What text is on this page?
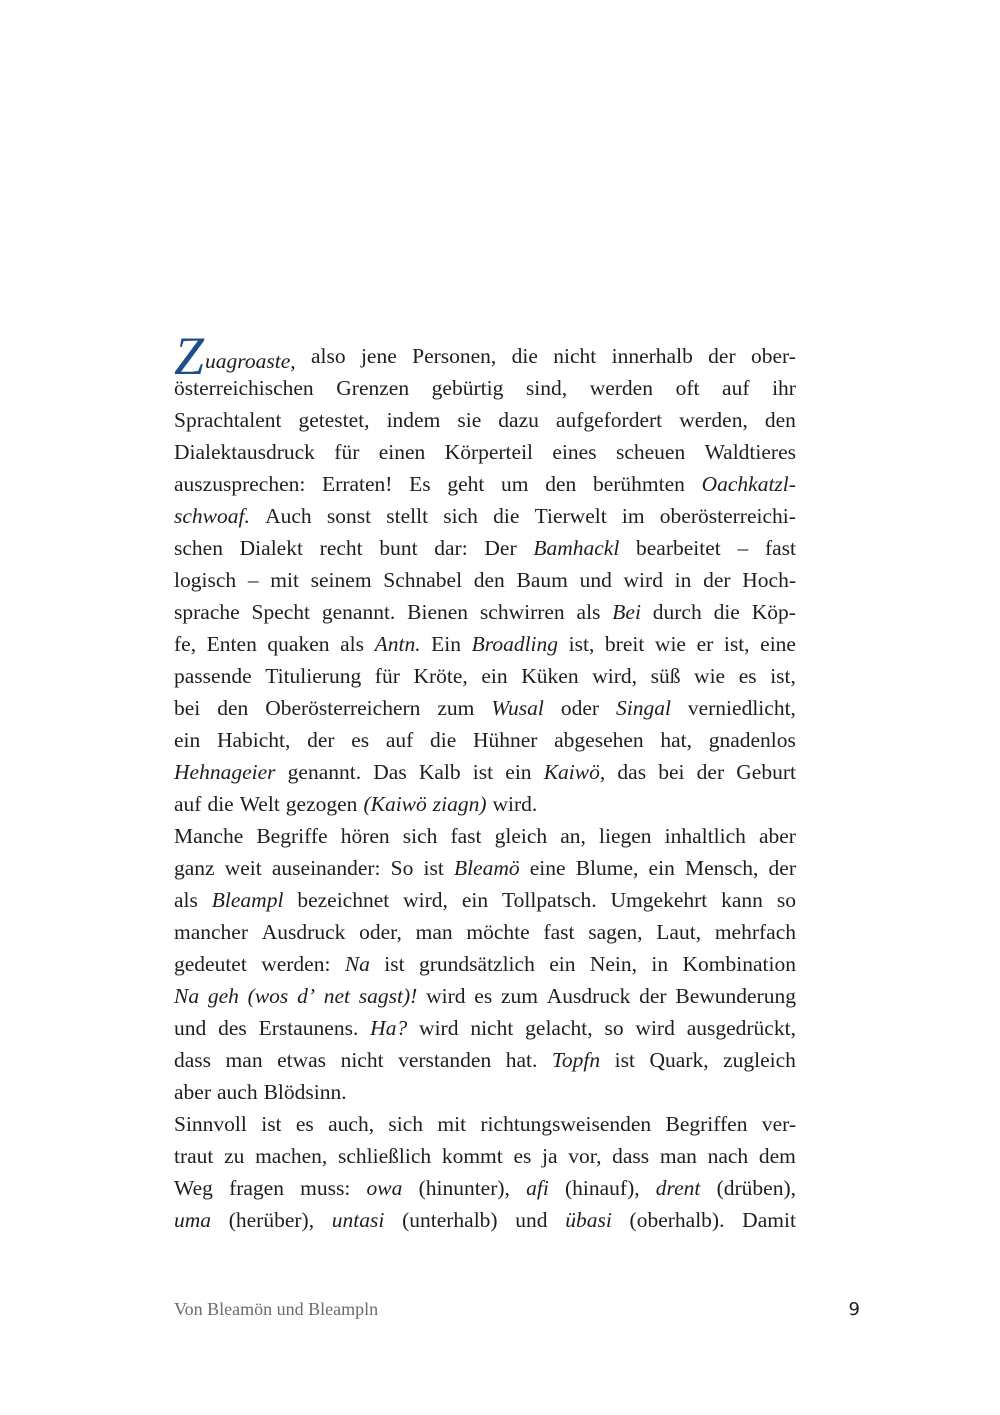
Zuagroaste, also jene Personen, die nicht innerhalb der ober-
österreichischen Grenzen gebürtig sind, werden oft auf ihr
Sprachtalent getestet, indem sie dazu aufgefordert werden, den
Dialektausdruck für einen Körperteil eines scheuen Waldtieres
auszusprechen: Erraten! Es geht um den berühmten Oachkatzl-
schwoaf. Auch sonst stellt sich die Tierwelt im oberösterreichi-
schen Dialekt recht bunt dar: Der Bamhackl bearbeitet – fast
logisch – mit seinem Schnabel den Baum und wird in der Hoch-
sprache Specht genannt. Bienen schwirren als Bei durch die Köp-
fe, Enten quaken als Antn. Ein Broadling ist, breit wie er ist, eine
passende Titulierung für Kröte, ein Küken wird, süß wie es ist,
bei den Oberösterreichern zum Wusal oder Singal verniedlicht,
ein Habicht, der es auf die Hühner abgesehen hat, gnadenlos
Hehnageier genannt. Das Kalb ist ein Kaiwö, das bei der Geburt
auf die Welt gezogen (Kaiwö ziagn) wird.
Manche Begriffe hören sich fast gleich an, liegen inhaltlich aber
ganz weit auseinander: So ist Bleamö eine Blume, ein Mensch, der
als Bleampl bezeichnet wird, ein Tollpatsch. Umgekehrt kann so
mancher Ausdruck oder, man möchte fast sagen, Laut, mehrfach
gedeutet werden: Na ist grundsätzlich ein Nein, in Kombination
Na geh (wos d’ net sagst)! wird es zum Ausdruck der Bewunderung
und des Erstaunens. Ha? wird nicht gelacht, so wird ausgedrückt,
dass man etwas nicht verstanden hat. Topfn ist Quark, zugleich
aber auch Blödsinn.
Sinnvoll ist es auch, sich mit richtungsweisenden Begriffen ver-
traut zu machen, schließlich kommt es ja vor, dass man nach dem
Weg fragen muss: owa (hinunter), afi (hinauf), drent (drüben),
uma (herüber), untasi (unterhalb) und übasi (oberhalb). Damit
Von Bleamön und Bleampln	9
